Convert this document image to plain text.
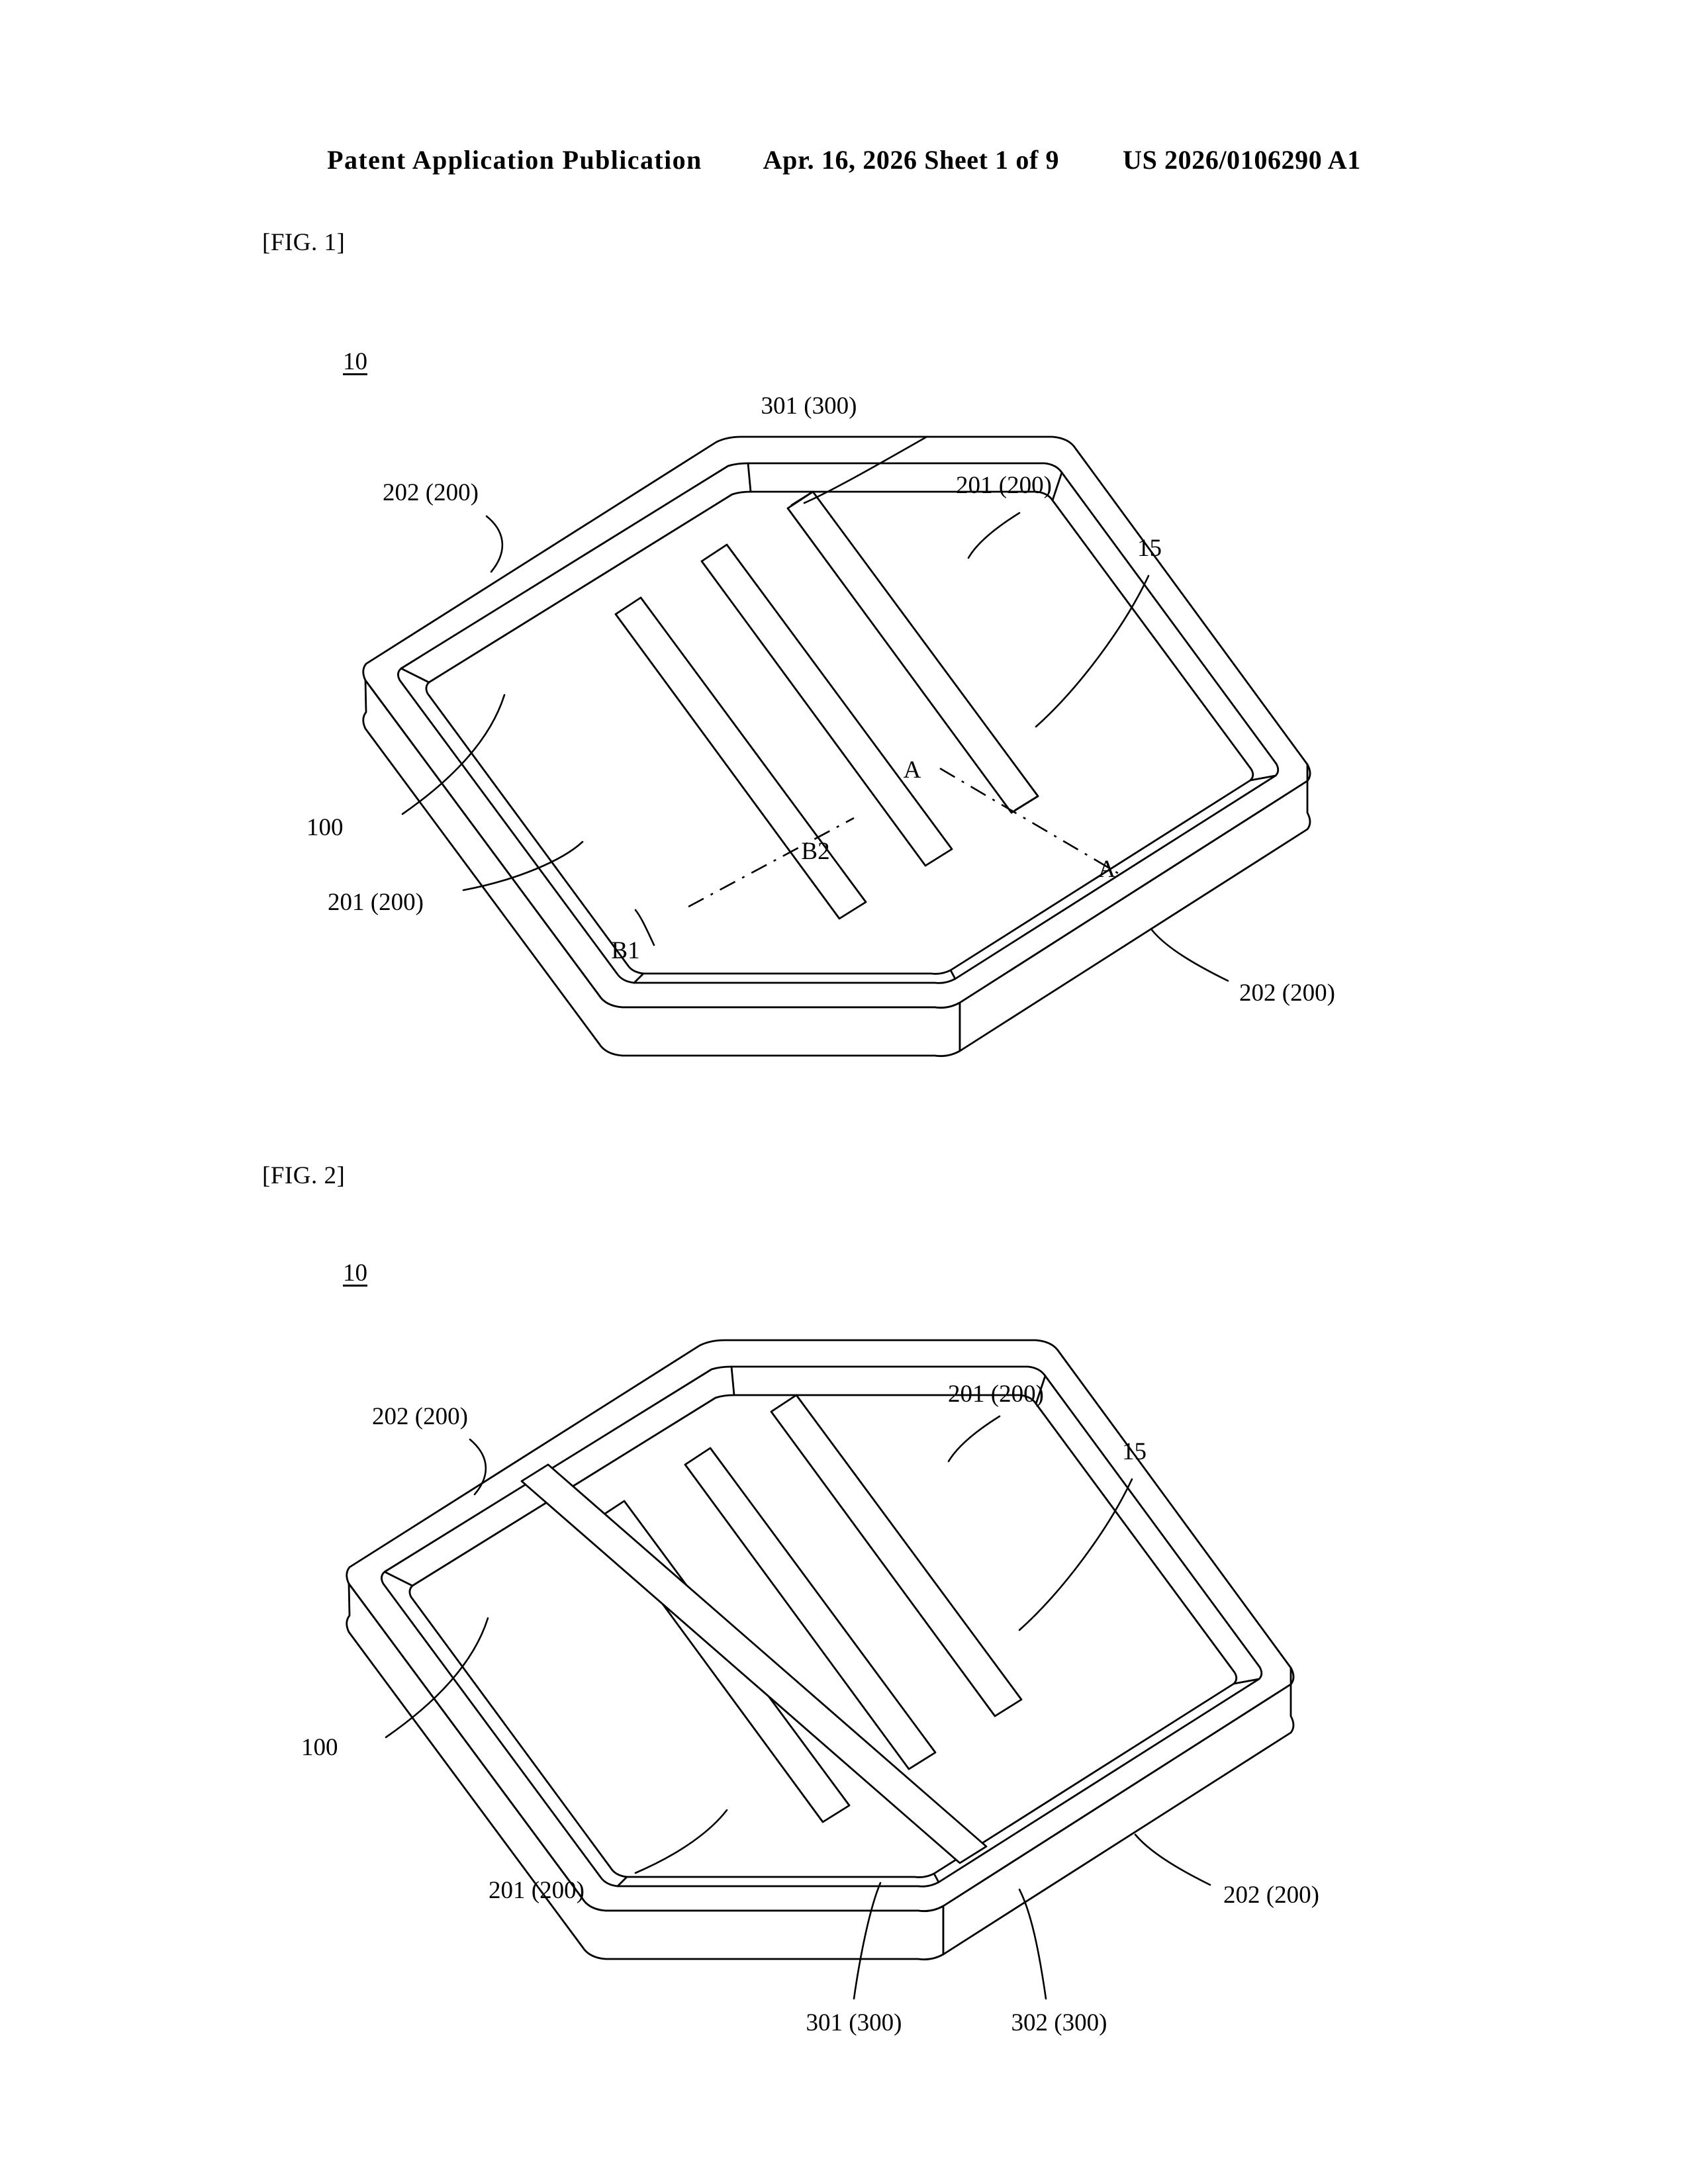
Patent Application Publication Apr. 16, 2026 Sheet 1 of 9 US 2026/0106290 A1
[FIG. 1]
10
[FIG. 2]
10
301 (300)
202 (200)	201 (200)
15
100
201 (200)
202 (200)
A
A
B2
B1
202 (200)
201 (200)
15
100
201 (200)	202 (200)
301 (300)	302 (300)
